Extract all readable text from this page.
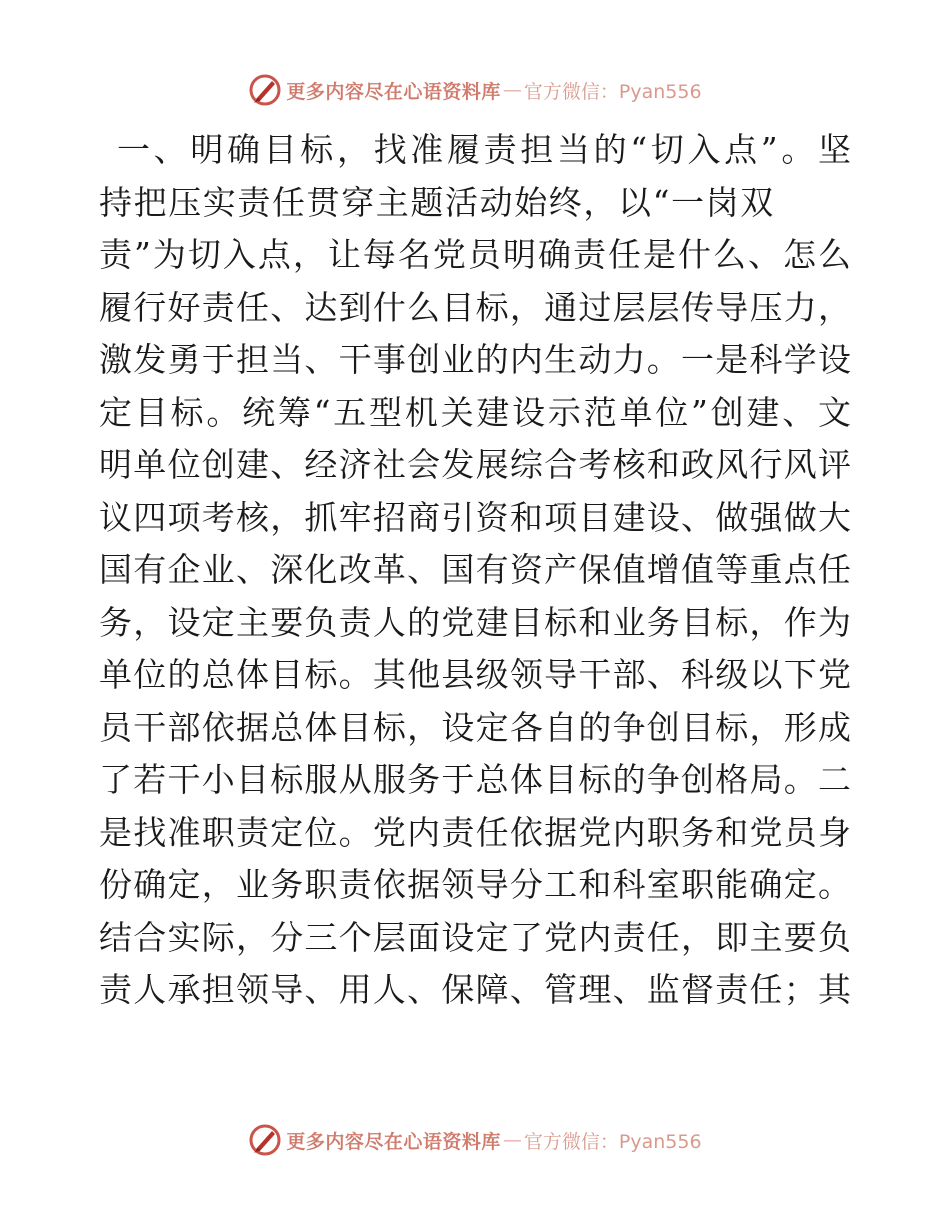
更多内容尽在心语资料库 — 官方微信：Pyan556
一、明确目标，找准履责担当的“切入点”。坚
持把压实责任贯穿主题活动始终，以“一岗双
责”为切入点，让每名党员明确责任是什么、怎么
履行好责任、达到什么目标，通过层层传导压力，
激发勇于担当、干事创业的内生动力。一是科学设
定目标。统筹“五型机关建设示范单位”创建、文
明单位创建、经济社会发展综合考核和政风行风评
议四项考核，抓牢招商引资和项目建设、做强做大
国有企业、深化改革、国有资产保值增值等重点任
务，设定主要负责人的党建目标和业务目标，作为
单位的总体目标。其他县级领导干部、科级以下党
员干部依据总体目标，设定各自的争创目标，形成
了若干小目标服从服务于总体目标的争创格局。二
是找准职责定位。党内责任依据党内职务和党员身
份确定，业务职责依据领导分工和科室职能确定。
结合实际，分三个层面设定了党内责任，即主要负
责人承担领导、用人、保障、管理、监督责任；其
更多内容尽在心语资料库 — 官方微信：Pyan556
